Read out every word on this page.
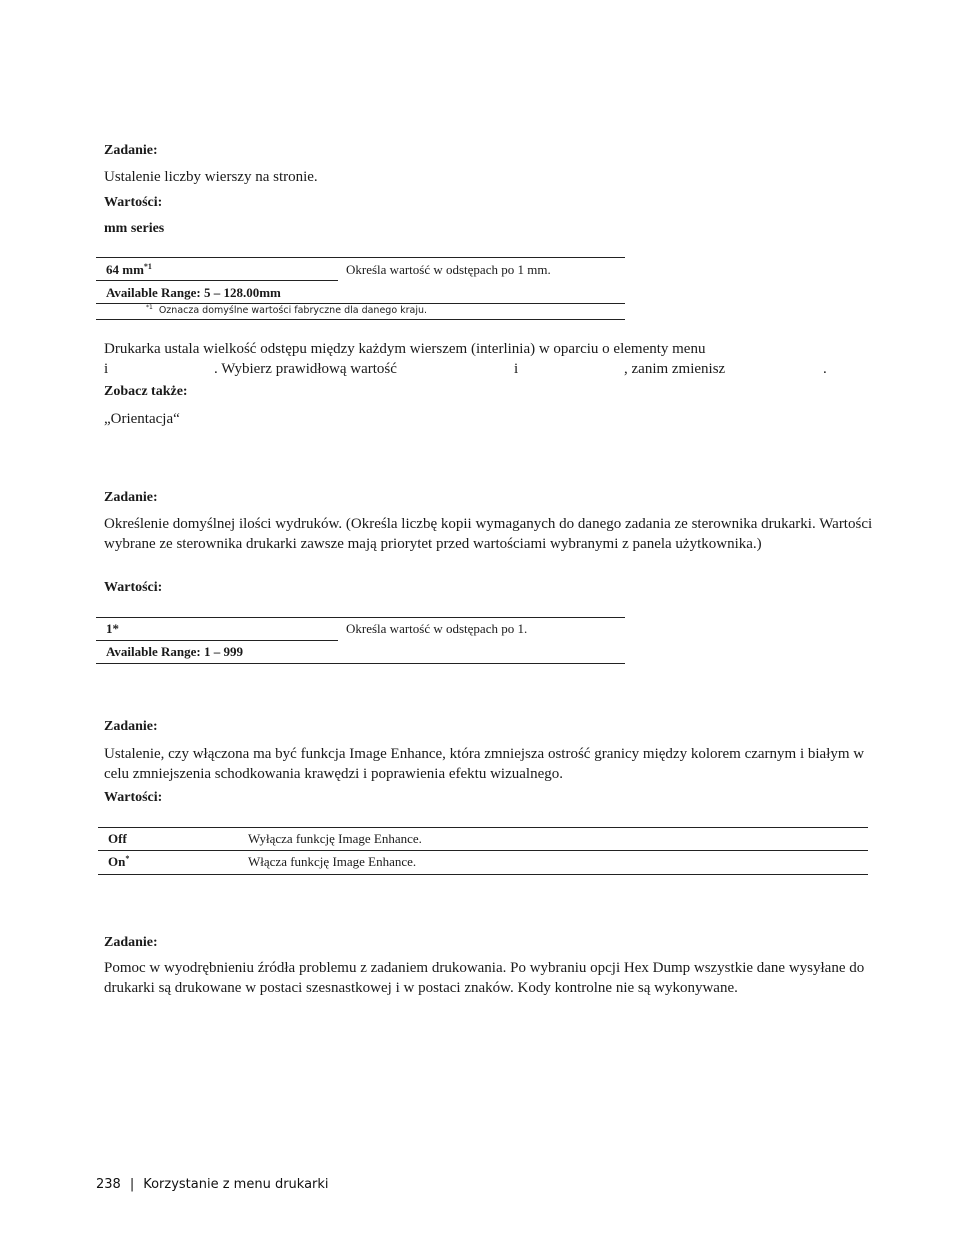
Zadanie:
Ustalenie liczby wierszy na stronie.
Wartości:
mm series
64 $mm^{*1}$	Określa wartość w odstępach po 1 mm.
Available Range: 5 – 128.00mm
$^{*1}$ Oznacza domyślne wartości fabryczne dla danego kraju.
Drukarka ustala wielkość odstępu między każdym wierszem (interlinia) w oparciu o elementy menu
i	. Wybierz prawidłową wartość	i	, zanim zmienisz	.
Zobacz także:
„Orientacja“
Zadanie:
Określenie domyślnej ilości wydruków. (Określa liczbę kopii wymaganych do danego zadania ze sterownika drukarki. Wartości wybrane ze sterownika drukarki zawsze mają priorytet przed wartościami wybranymi z panela użytkownika.)
Wartości:
1*	Określa wartość w odstępach po 1.
Available Range: 1 – 999
Zadanie:
Ustalenie, czy włączona ma być funkcja Image Enhance, która zmniejsza ostrość granicy między kolorem czarnym i białym w celu zmniejszenia schodkowania krawędzi i poprawienia efektu wizualnego.
Wartości:
Off	Wyłącza funkcję Image Enhance.
On*	Włącza funkcję Image Enhance.
Zadanie:
Pomoc w wyodrębnieniu źródła problemu z zadaniem drukowania. Po wybraniu opcji Hex Dump wszystkie dane wysyłane do drukarki są drukowane w postaci szesnastkowej i w postaci znaków. Kody kontrolne nie są wykonywane.
238 | Korzystanie z menu drukarki
